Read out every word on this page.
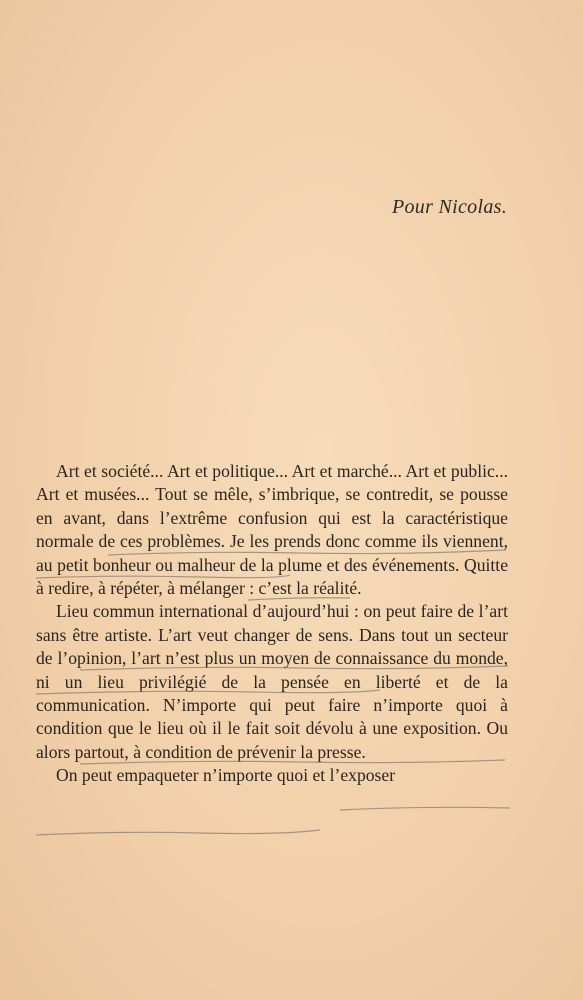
Pour Nicolas.

Art et société... Art et politique... Art et marché... Art et public... Art et musées... Tout se mêle, s’imbrique, se contredit, se pousse en avant, dans l’extrême confusion qui est la caractéristique normale de ces problèmes. Je les prends donc comme ils viennent, au petit bonheur ou malheur de la plume et des événements. Quitte à redire, à répéter, à mélanger : c’est la réalité.

Lieu commun international d’aujourd’hui : on peut faire de l’art sans être artiste. L’art veut changer de sens. Dans tout un secteur de l’opinion, l’art n’est plus un moyen de connaissance du monde, ni un lieu privilégié de la pensée en liberté et de la communication. N’importe qui peut faire n’importe quoi à condition que le lieu où il le fait soit dévolu à une exposition. Ou alors partout, à condition de prévenir la presse.

On peut empaqueter n’importe quoi et l’exposer
